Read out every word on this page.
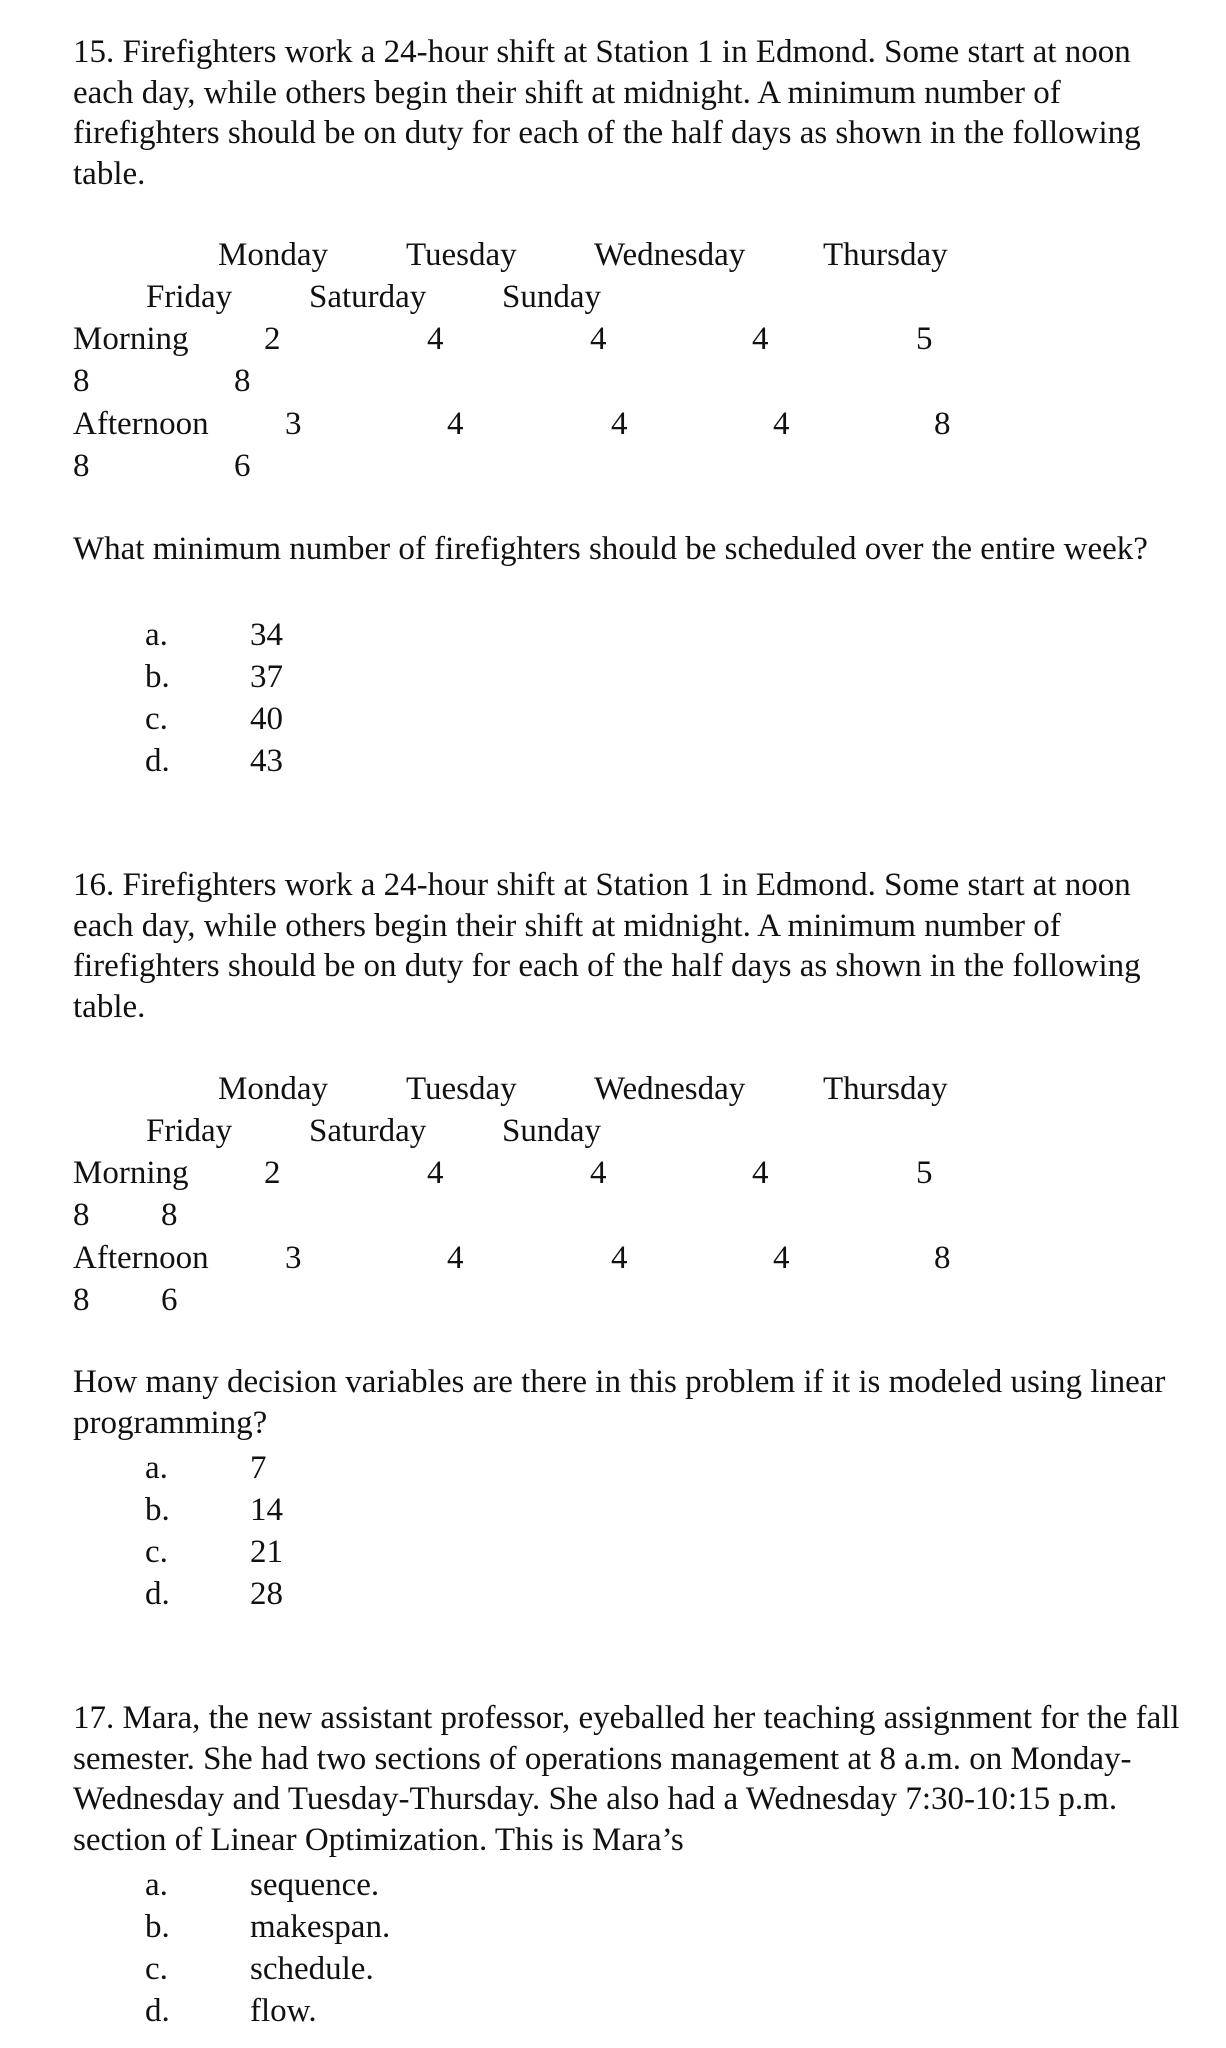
15. Firefighters work a 24-hour shift at Station 1 in Edmond. Some start at noon each day, while others begin their shift at midnight. A minimum number of firefighters should be on duty for each of the half days as shown in the following table.
Monday Tuesday Wednesday Thursday
Friday Saturday Sunday
Morning 2	4	4	4	5
8	8
Afternoon 3	4	4	4	8
8	6
What minimum number of firefighters should be scheduled over the entire week?
a. 34
b. 37
c. 40
d. 43
16. Firefighters work a 24-hour shift at Station 1 in Edmond. Some start at noon each day, while others begin their shift at midnight. A minimum number of firefighters should be on duty for each of the half days as shown in the following table.
Monday Tuesday Wednesday Thursday
Friday Saturday Sunday
Morning 2	4	4	4	5
8 8
Afternoon 3	4	4	4	8
8 6
How many decision variables are there in this problem if it is modeled using linear programming?
a. 7
b. 14
c. 21
d. 28
17. Mara, the new assistant professor, eyeballed her teaching assignment for the fall semester. She had two sections of operations management at 8 a.m. on Monday-Wednesday and Tuesday-Thursday. She also had a Wednesday 7:30-10:15 p.m. section of Linear Optimization. This is Mara’s
a. sequence.
b. makespan.
c. schedule.
d. flow.
